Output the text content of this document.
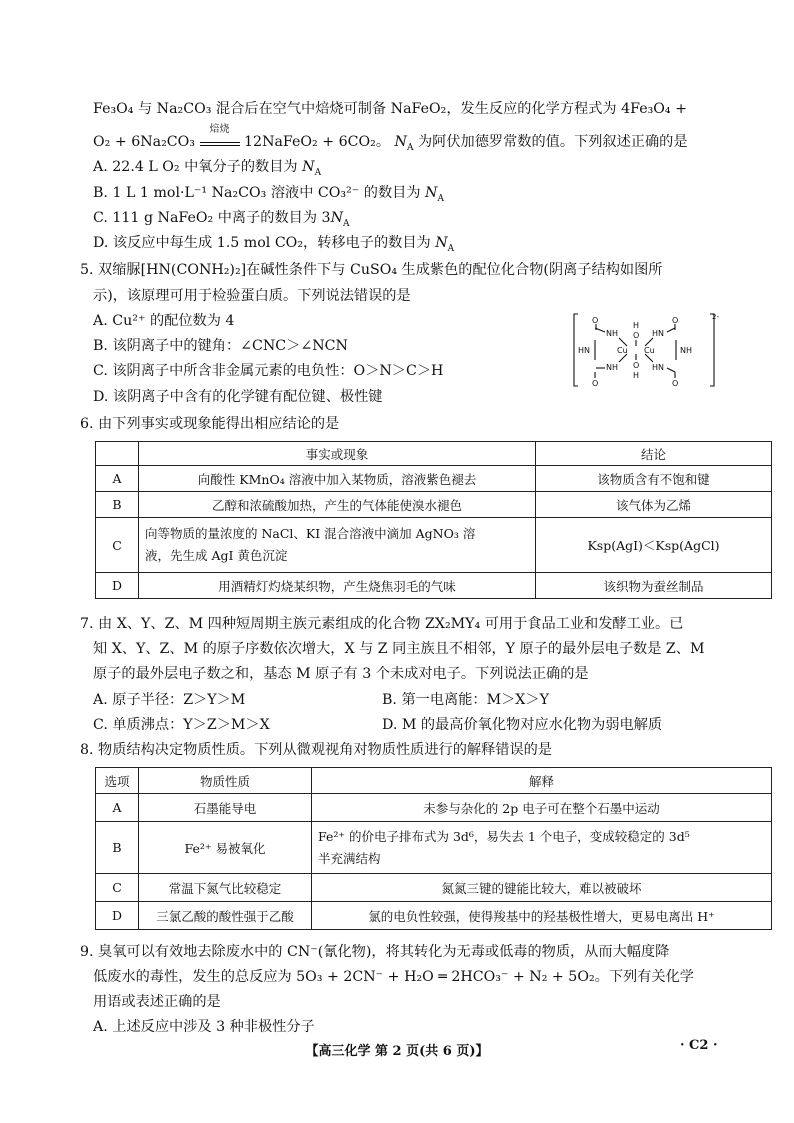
Fe₃O₄ 与 Na₂CO₃ 混合后在空气中焙烧可制备 NaFeO₂，发生反应的化学方程式为 4Fe₃O₄ +
O₂ + 6Na₂CO₃
焙烧
12NaFeO₂ + 6CO₂。 $N_A$ 为阿伏加德罗常数的值。下列叙述正确的是
A. 22.4 L O₂ 中氧分子的数目为 $N_A$
B. 1 L 1 mol·L⁻¹ Na₂CO₃ 溶液中 CO₃²⁻ 的数目为 $N_A$
C. 111 g NaFeO₂ 中离子的数目为 $3N_A$
D. 该反应中每生成 1.5 mol CO₂，转移电子的数目为 $N_A$
5. 双缩脲[HN(CONH₂)₂]在碱性条件下与 CuSO₄ 生成紫色的配位化合物(阴离子结构如图所
示)，该原理可用于检验蛋白质。下列说法错误的是
A. Cu²⁺ 的配位数为 4
B. 该阴离子中的键角：∠CNC＞∠NCN
C. 该阴离子中所含非金属元素的电负性：O＞N＞C＞H
D. 该阴离子中含有的化学键有配位键、极性键
O
NH	HN
O
HN	NH
O
NH	HN
O
H
O
Cu Cu
O
H
2-
6. 由下列事实或现象能得出相应结论的是
	事实或现象	结论
A	向酸性 KMnO₄ 溶液中加入某物质，溶液紫色褪去	该物质含有不饱和键
B	乙醇和浓硫酸加热，产生的气体能使溴水褪色	该气体为乙烯
C	向等物质的量浓度的 NaCl、KI 混合溶液中滴加 AgNO₃ 溶
液，先生成 AgI 黄色沉淀	Ksp(AgI)＜Ksp(AgCl)
D	用酒精灯灼烧某织物，产生烧焦羽毛的气味	该织物为蚕丝制品
7. 由 X、Y、Z、M 四种短周期主族元素组成的化合物 ZX₂MY₄ 可用于食品工业和发酵工业。已
知 X、Y、Z、M 的原子序数依次增大，X 与 Z 同主族且不相邻，Y 原子的最外层电子数是 Z、M
原子的最外层电子数之和，基态 M 原子有 3 个未成对电子。下列说法正确的是
A. 原子半径：Z＞Y＞M	B. 第一电离能：M＞X＞Y
C. 单质沸点：Y＞Z＞M＞X	D. M 的最高价氧化物对应水化物为弱电解质
8. 物质结构决定物质性质。下列从微观视角对物质性质进行的解释错误的是
选项	物质性质	解释
A	石墨能导电	未参与杂化的 2p 电子可在整个石墨中运动
B	Fe²⁺ 易被氧化	Fe²⁺ 的价电子排布式为 3d⁶，易失去 1 个电子，变成较稳定的 3d⁵
半充满结构
C	常温下氮气比较稳定	氮氮三键的键能比较大，难以被破坏
D	三氯乙酸的酸性强于乙酸	氯的电负性较强，使得羧基中的羟基极性增大，更易电离出 H⁺
9. 臭氧可以有效地去除废水中的 CN⁻(氰化物)，将其转化为无毒或低毒的物质，从而大幅度降
低废水的毒性，发生的总反应为 5O₃ + 2CN⁻ + H₂O ═ 2HCO₃⁻ + N₂ + 5O₂。下列有关化学
用语或表述正确的是
A. 上述反应中涉及 3 种非极性分子
【高三化学 第 2 页(共 6 页)】	· C2 ·
